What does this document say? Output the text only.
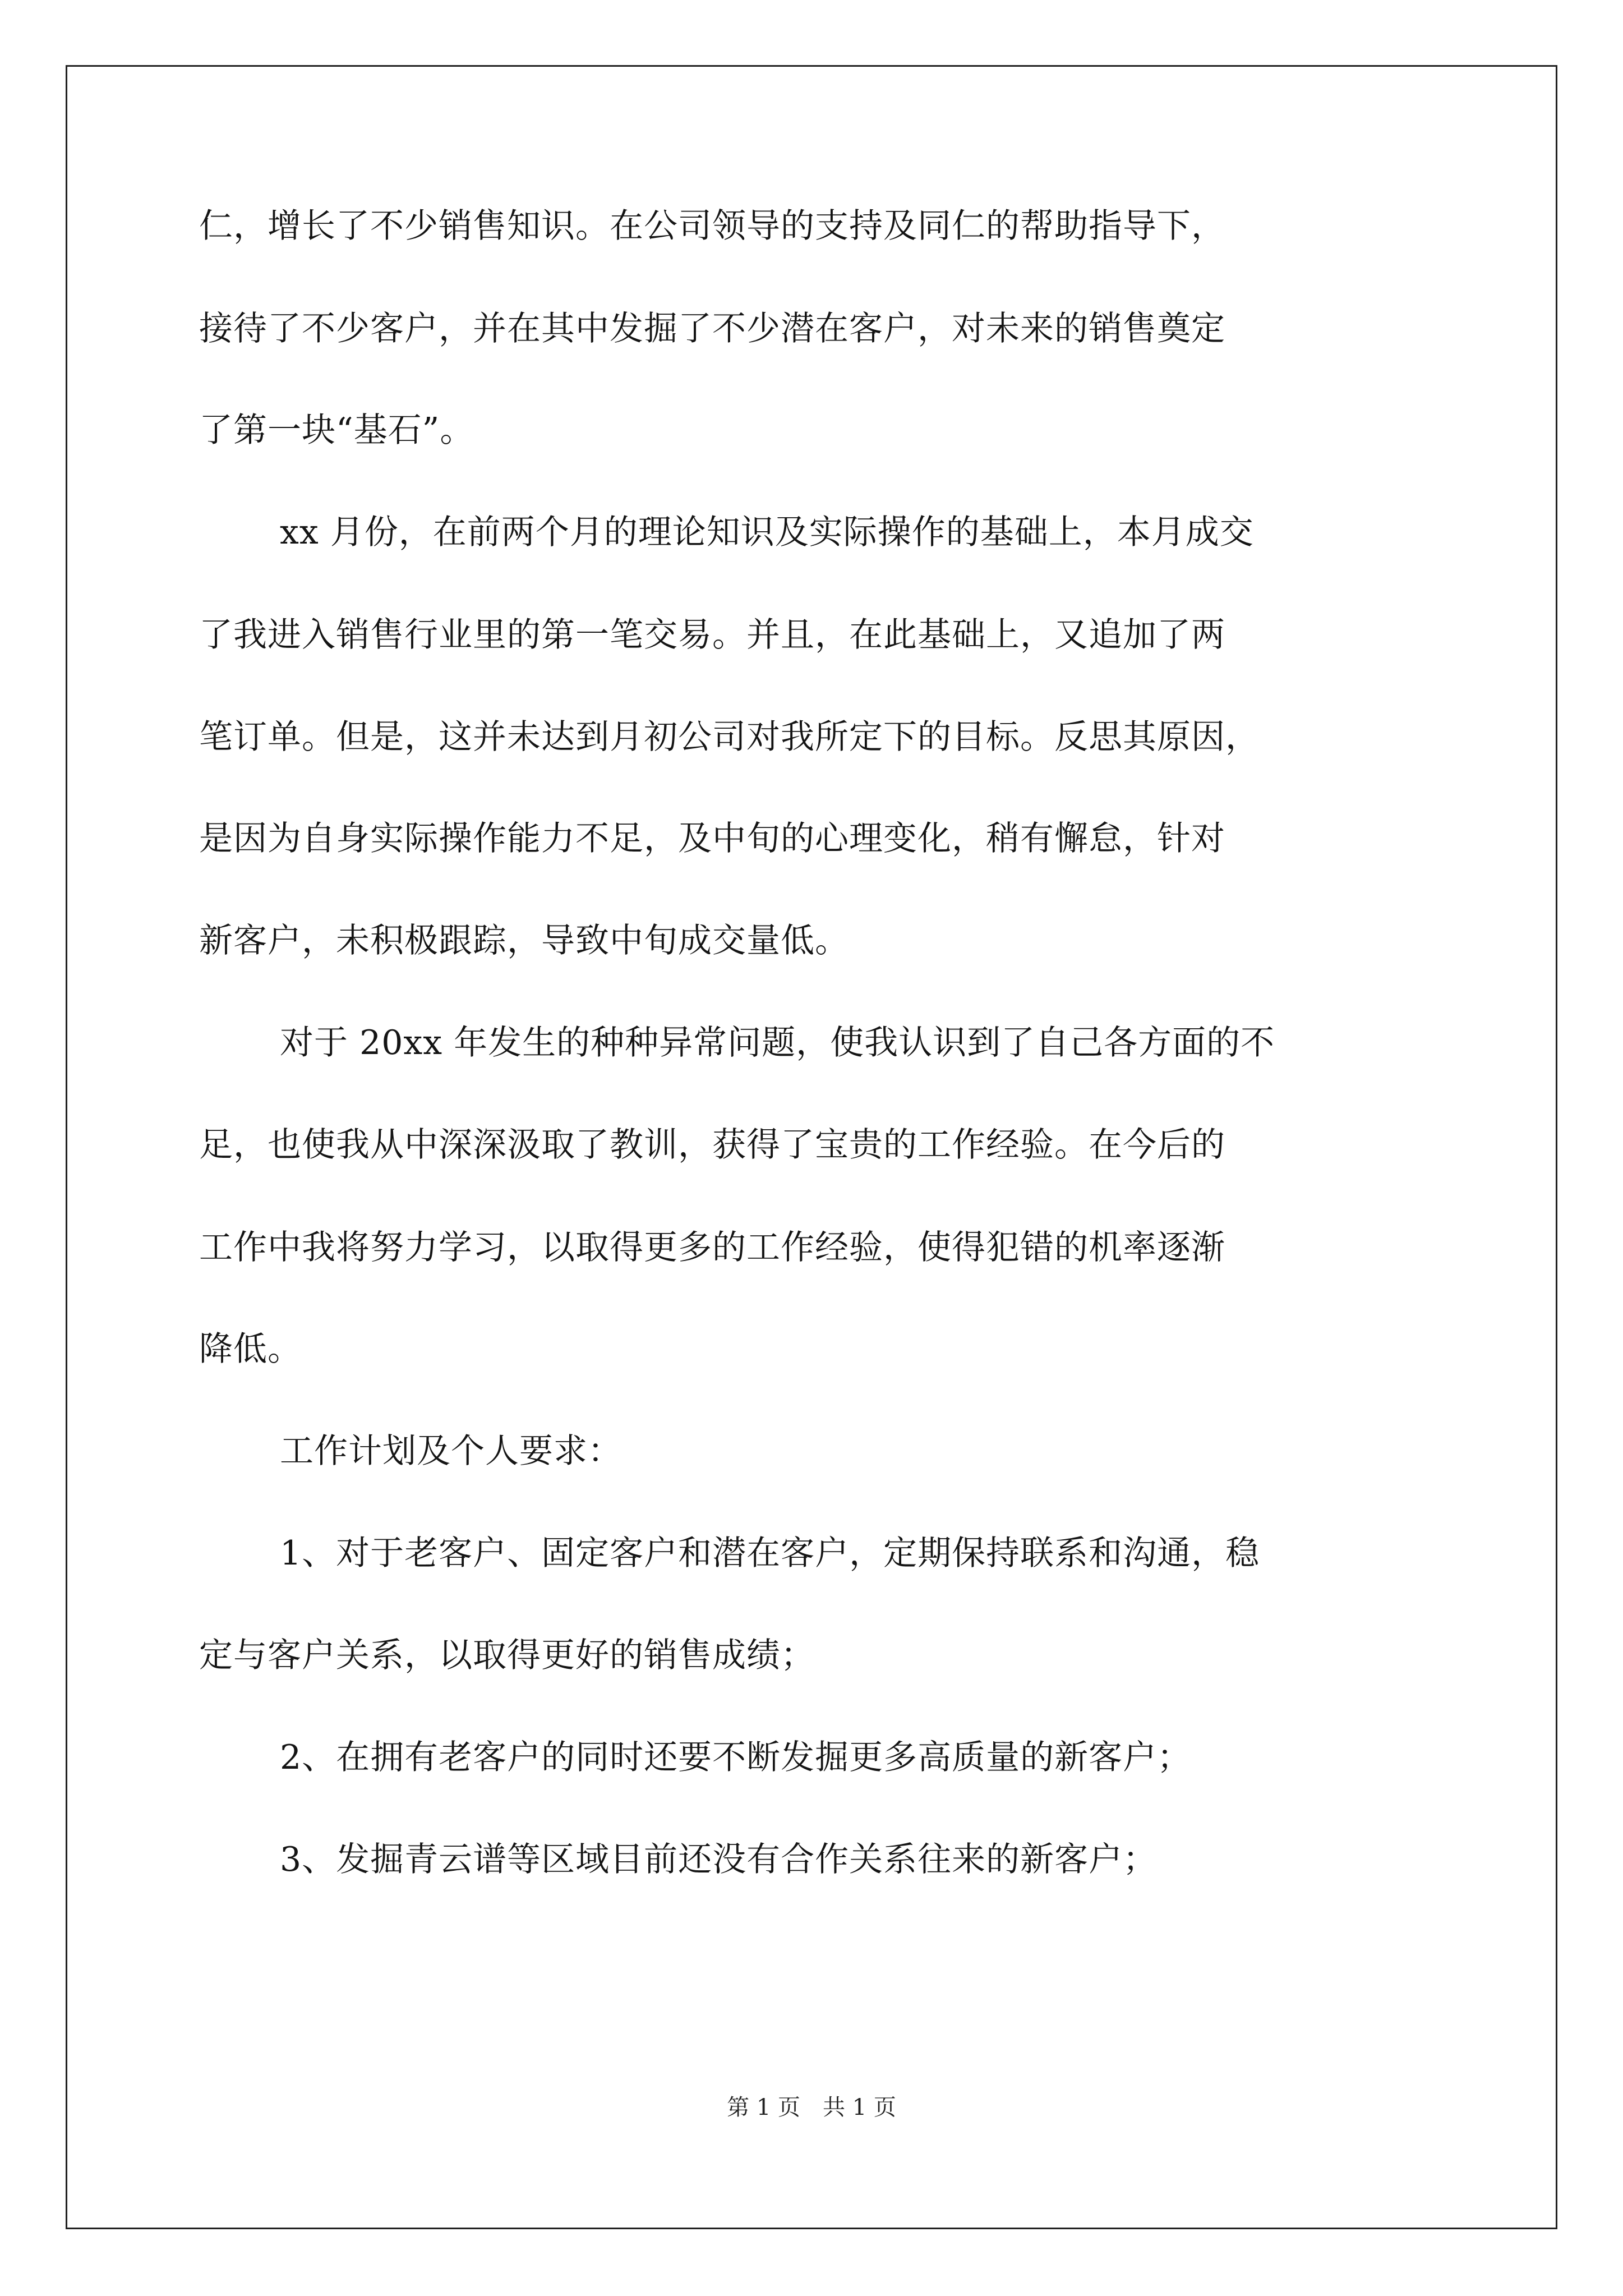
仁，增长了不少销售知识。在公司领导的支持及同仁的帮助指导下，
接待了不少客户，并在其中发掘了不少潜在客户，对未来的销售奠定
了第一块“基石”。
xx 月份，在前两个月的理论知识及实际操作的基础上，本月成交
了我进入销售行业里的第一笔交易。并且，在此基础上，又追加了两
笔订单。但是，这并未达到月初公司对我所定下的目标。反思其原因，
是因为自身实际操作能力不足，及中旬的心理变化，稍有懈怠，针对
新客户，未积极跟踪，导致中旬成交量低。
对于 20xx 年发生的种种异常问题，使我认识到了自己各方面的不
足，也使我从中深深汲取了教训，获得了宝贵的工作经验。在今后的
工作中我将努力学习，以取得更多的工作经验，使得犯错的机率逐渐
降低。
工作计划及个人要求：
1、对于老客户、固定客户和潜在客户，定期保持联系和沟通，稳
定与客户关系，以取得更好的销售成绩；
2、在拥有老客户的同时还要不断发掘更多高质量的新客户；
3、发掘青云谱等区域目前还没有合作关系往来的新客户；
第 1 页　共 1 页
